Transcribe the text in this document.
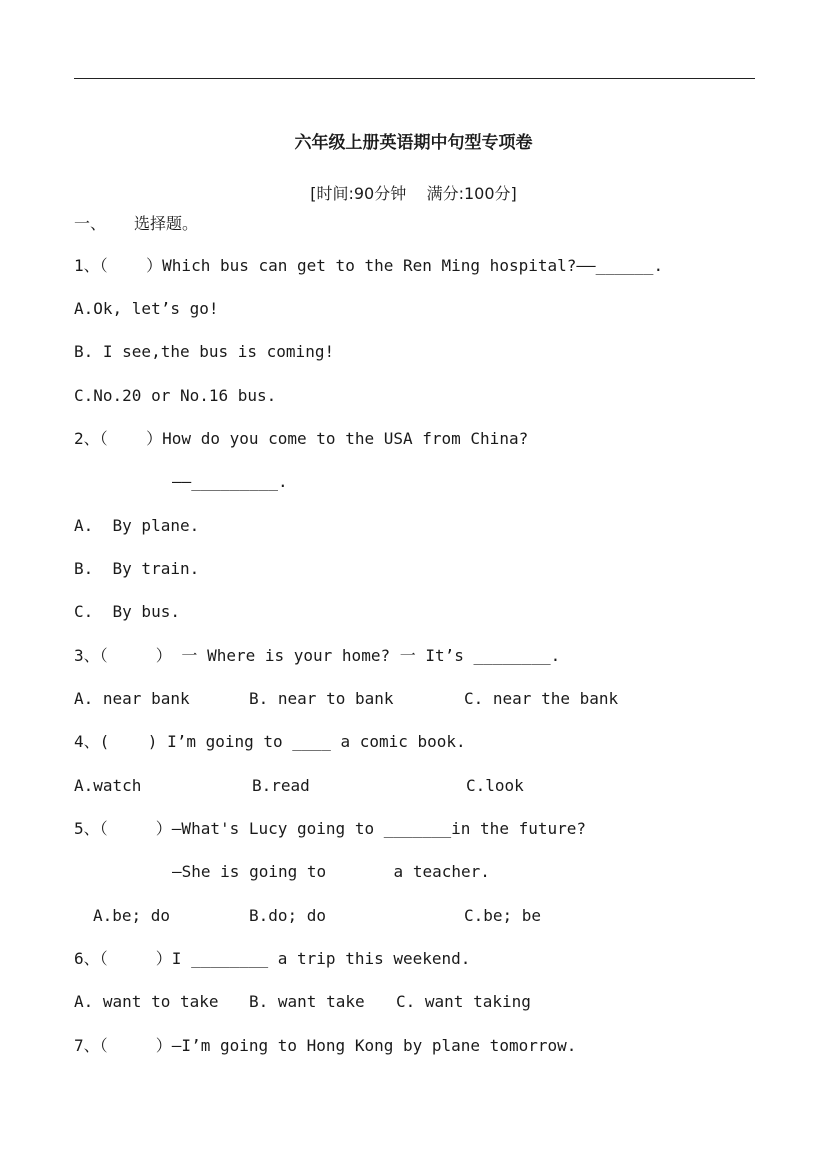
六年级上册英语期中句型专项卷
[时间:90分钟    满分:100分]
一、 选择题。
1、（    ）Which bus can get to the Ren Ming hospital?——______.
A.Ok, let’s go!
B. I see,the bus is coming!
C.No.20 or No.16 bus.
2、（    ）How do you come to the USA from China?
——_________.
A.  By plane.
B.  By train.
C.  By bus.
3、（     ） 一 Where is your home? 一 It’s ________.
A. near bank	B. near to bank	C. near the bank
4、(    ) I’m going to ____ a comic book.
A.watch	B.read	C.look
5、（     ）—What's Lucy going to _______in the future?
—She is going to       a teacher.
A.be; do	B.do; do	C.be; be
6、（     ）I ________ a trip this weekend.
A. want to take B. want take C. want taking
7、（     ）—I’m going to Hong Kong by plane tomorrow.
